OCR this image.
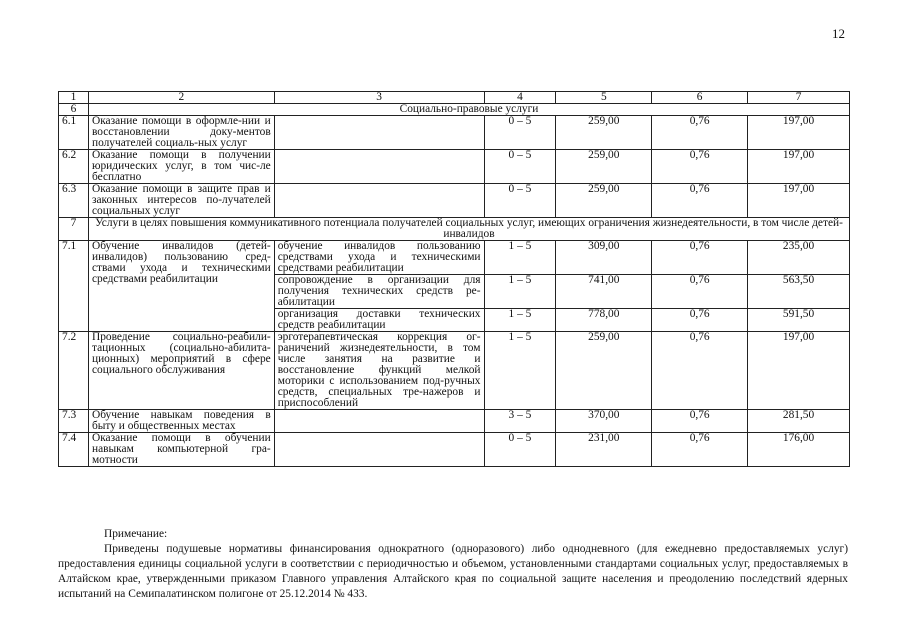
12
1	2	3	4	5	6	7
6	Социально-правовые услуги					
6.1	Оказание помощи в оформле-нии и восстановлении доку-ментов получателей социаль-ных услуг		0 – 5	259,00	0,76	197,00
6.2	Оказание помощи в получении юридических услуг, в том чис-ле бесплатно		0 – 5	259,00	0,76	197,00
6.3	Оказание помощи в защите прав и законных интересов по-лучателей социальных услуг		0 – 5	259,00	0,76	197,00
7	Услуги в целях повышения коммуникативного потенциала получателей социальных услуг, имеющих ограничения жизнедеятельности, в том числе детей-инвалидов					
7.1	Обучение инвалидов (детей-инвалидов) пользованию сред-ствами ухода и техническими средствами реабилитации	обучение инвалидов пользованию средствами ухода и техническими средствами реабилитации	1 – 5	309,00	0,76	235,00
		сопровождение в организации для получения технических средств ре-абилитации	1 – 5	741,00	0,76	563,50
		организация доставки технических средств реабилитации	1 – 5	778,00	0,76	591,50
7.2	Проведение социально-реабили-тационных (социально-абилита-ционных) мероприятий в сфере социального обслуживания	эрготерапевтическая коррекция ог-раничений жизнедеятельности, в том числе занятия на развитие и восстановление функций мелкой моторики с использованием под-ручных средств, специальных тре-нажеров и приспособлений	1 – 5	259,00	0,76	197,00
7.3	Обучение навыкам поведения в быту и общественных местах		3 – 5	370,00	0,76	281,50
7.4	Оказание помощи в обучении навыкам компьютерной гра-мотности		0 – 5	231,00	0,76	176,00
Примечание:
Приведены подушевые нормативы финансирования однократного (одноразового) либо однодневного (для ежедневно предоставляемых услуг) предоставления единицы социальной услуги в соответствии с периодичностью и объемом, установленными стандартами социальных услуг, предоставляемых в Алтайском крае, утвержденными приказом Главного управления Алтайского края по социальной защите населения и преодолению последствий ядерных испытаний на Семипалатинском полигоне от 25.12.2014 № 433.
